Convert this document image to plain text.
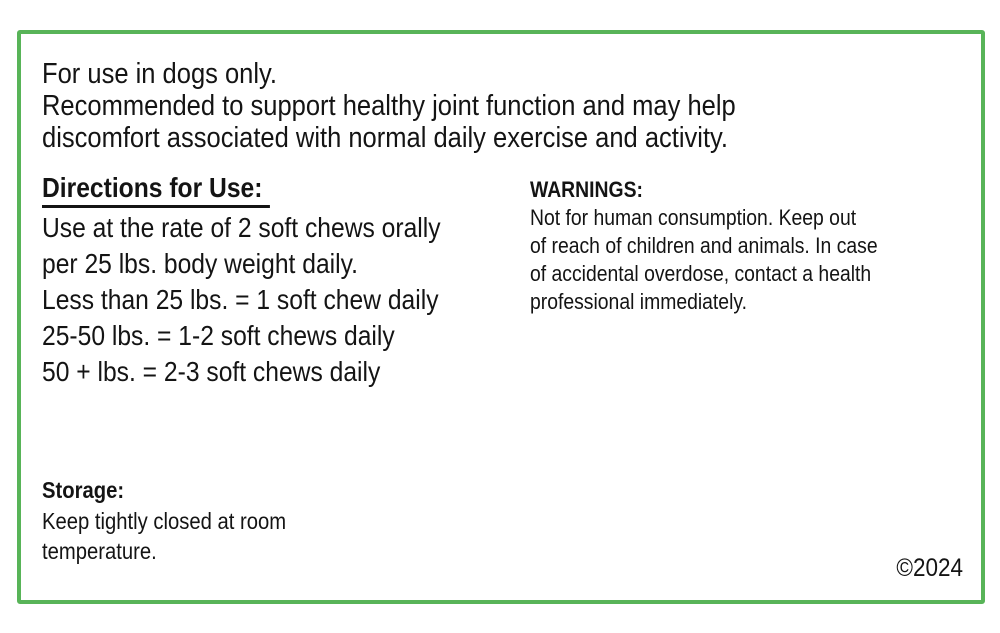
For use in dogs only.
Recommended to support healthy joint function and may help
discomfort associated with normal daily exercise and activity.
Directions for Use:
Use at the rate of 2 soft chews orally
per 25 lbs. body weight daily.
Less than 25 lbs. = 1 soft chew daily
25-50 lbs. = 1-2 soft chews daily
50 + lbs. = 2-3 soft chews daily
WARNINGS:
Not for human consumption. Keep out
of reach of children and animals. In case
of accidental overdose, contact a health
professional immediately.
Storage:
Keep tightly closed at room
temperature.
©2024
